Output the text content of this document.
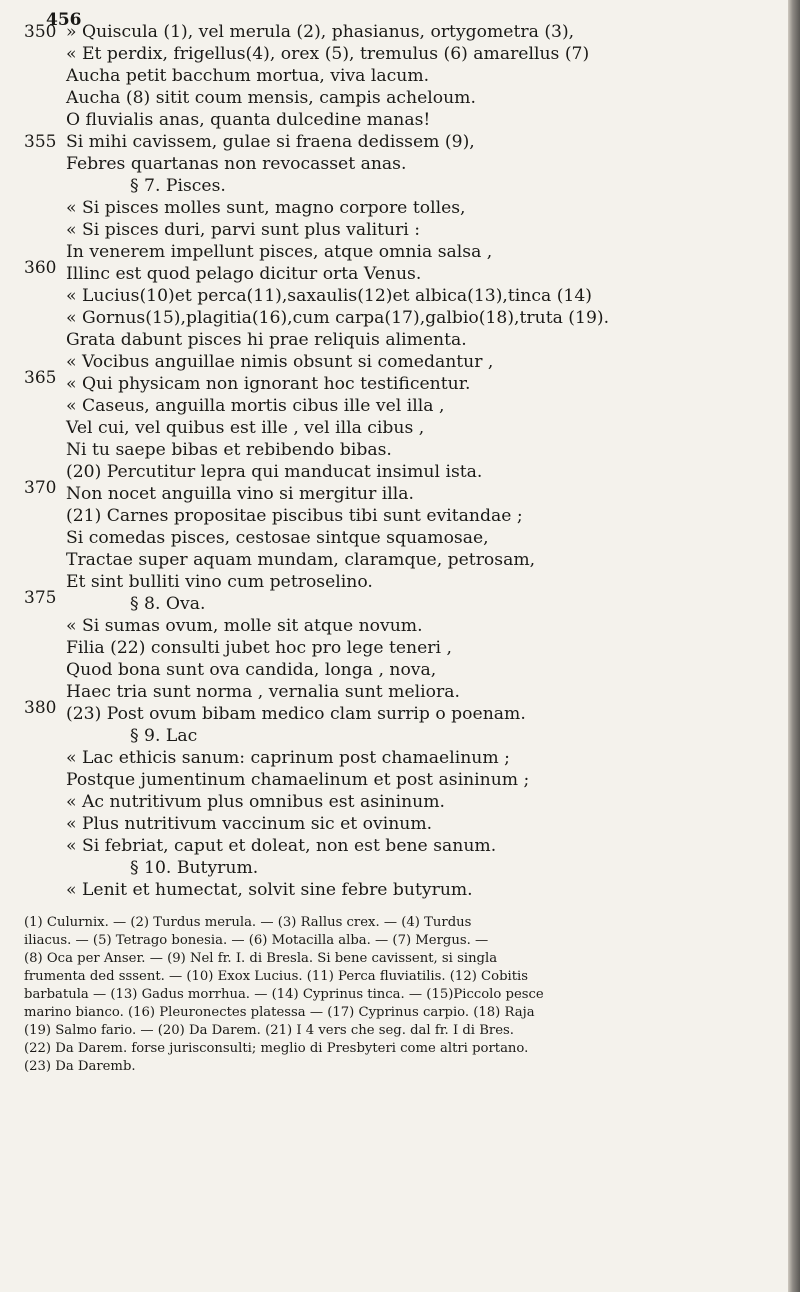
456
350
355
360
365
370
375
380
» Quiscula (1), vel merula (2), phasianus, ortygometra (3),
« Et perdix, frigellus(4), orex (5), tremulus (6) amarellus (7)
Aucha petit bacchum mortua, viva lacum.
Aucha (8) sitit coum mensis, campis acheloum.
O fluvialis anas, quanta dulcedine manas!
Si mihi cavissem, gulae si fraena dedissem (9),
Febres quartanas non revocasset anas.
§ 7. Pisces.
« Si pisces molles sunt, magno corpore tolles,
« Si pisces duri, parvi sunt plus valituri :
In venerem impellunt pisces, atque omnia salsa ,
Illinc est quod pelago dicitur orta Venus.
« Lucius(10)et perca(11),saxaulis(12)et albica(13),tinca (14)
« Gornus(15),plagitia(16),cum carpa(17),galbio(18),truta (19).
Grata dabunt pisces hi prae reliquis alimenta.
« Vocibus anguillae nimis obsunt si comedantur ,
« Qui physicam non ignorant hoc testificentur.
« Caseus, anguilla mortis cibus ille vel illa ,
Vel cui, vel quibus est ille , vel illa cibus ,
Ni tu saepe bibas et rebibendo bibas.
(20) Percutitur lepra qui manducat insimul ista.
Non nocet anguilla vino si mergitur illa.
(21) Carnes propositae piscibus tibi sunt evitandae ;
Si comedas pisces, cestosae sintque squamosae,
Tractae super aquam mundam, claramque, petrosam,
Et sint bulliti vino cum petroselino.
§ 8. Ova.
« Si sumas ovum, molle sit atque novum.
Filia (22) consulti jubet hoc pro lege teneri ,
Quod bona sunt ova candida, longa , nova,
Haec tria sunt norma , vernalia sunt meliora.
(23) Post ovum bibam medico clam surrip o poenam.
§ 9. Lac
« Lac ethicis sanum: caprinum post chamaelinum ;
Postque jumentinum chamaelinum et post asininum ;
« Ac nutritivum plus omnibus est asininum.
« Plus nutritivum vaccinum sic et ovinum.
« Si febriat, caput et doleat, non est bene sanum.
§ 10. Butyrum.
« Lenit et humectat, solvit sine febre butyrum.
(1) Culurnix. — (2) Turdus merula. — (3) Rallus crex. — (4) Turdus
iliacus. — (5) Tetrago bonesia. — (6) Motacilla alba. — (7) Mergus. —
(8) Oca per Anser. — (9) Nel fr. I. di Bresla. Si bene cavissent, si singla
frumenta ded sssent. — (10) Exox Lucius. (11) Perca fluviatilis. (12) Cobitis
barbatula — (13) Gadus morrhua. — (14) Cyprinus tinca. — (15)Piccolo pesce
marino bianco. (16) Pleuronectes platessa — (17) Cyprinus carpio. (18) Raja
(19) Salmo fario. — (20) Da Darem. (21) I 4 vers che seg. dal fr. I di Bres.
(22) Da Darem. forse jurisconsulti; meglio di Presbyteri come altri portano.
(23) Da Daremb.
